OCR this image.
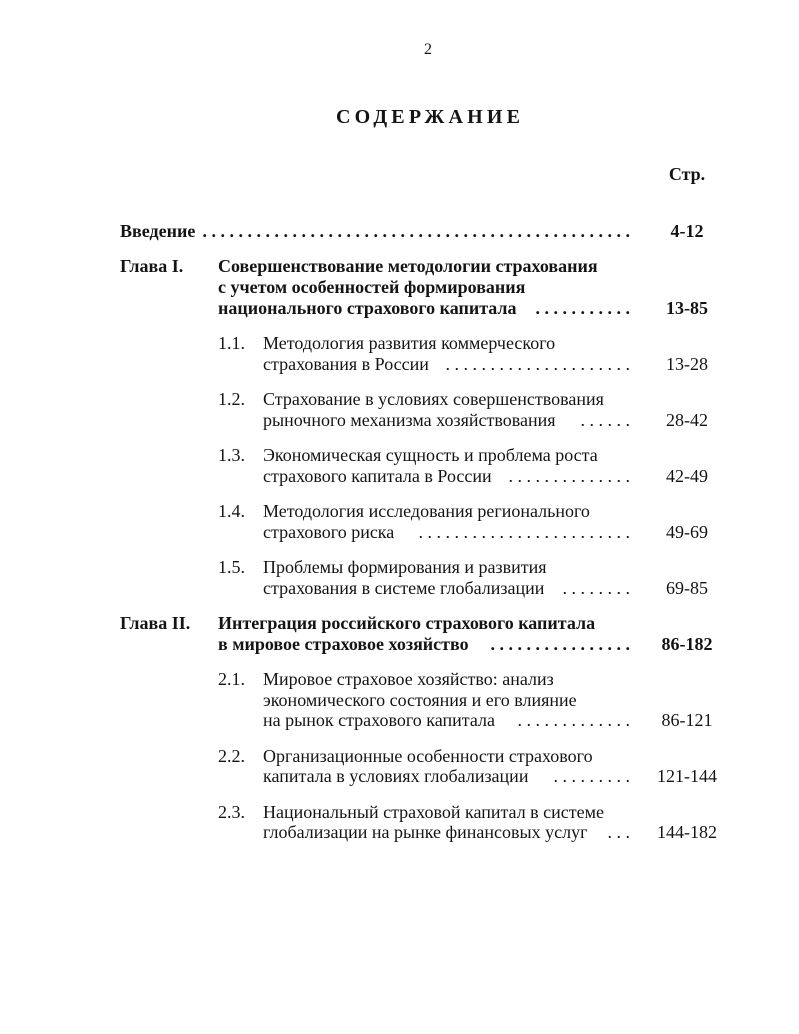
2
СОДЕРЖАНИЕ
Стр.
Введение . . . . . . . . . . . . . . . . . . . . . . . . . . . . . . . . . . . . . . . . . . . . . . . .	4-12
Глава I. Совершенствование методологии страхования
с учетом особенностей формирования
национального страхового капитала	. . . . . . . . . . .	13-85
1.1. Методология развития коммерческого
страхования в России . . . . . . . . . . . . . . . . . . . . .	13-28
1.2. Страхование в условиях совершенствования
рыночного механизма хозяйствования	. . . . . .	28-42
1.3. Экономическая сущность и проблема роста
страхового капитала в России . . . . . . . . . . . . . .	42-49
1.4. Методология исследования регионального
страхового риска	. . . . . . . . . . . . . . . . . . . . . . . .	49-69
1.5. Проблемы формирования и развития
страхования в системе глобализации	. . . . . . . .	69-85
Глава II. Интеграция российского страхового капитала
в мировое страховое хозяйство	. . . . . . . . . . . . . . . .	86-182
2.1. Мировое страховое хозяйство: анализ
экономического состояния и его влияние
на рынок страхового капитала	. . . . . . . . . . . . .	86-121
2.2. Организационные особенности страхового
капитала в условиях глобализации	. . . . . . . . .	121-144
2.3. Национальный страховой капитал в системе
глобализации на рынке финансовых услуг	. . .	144-182
